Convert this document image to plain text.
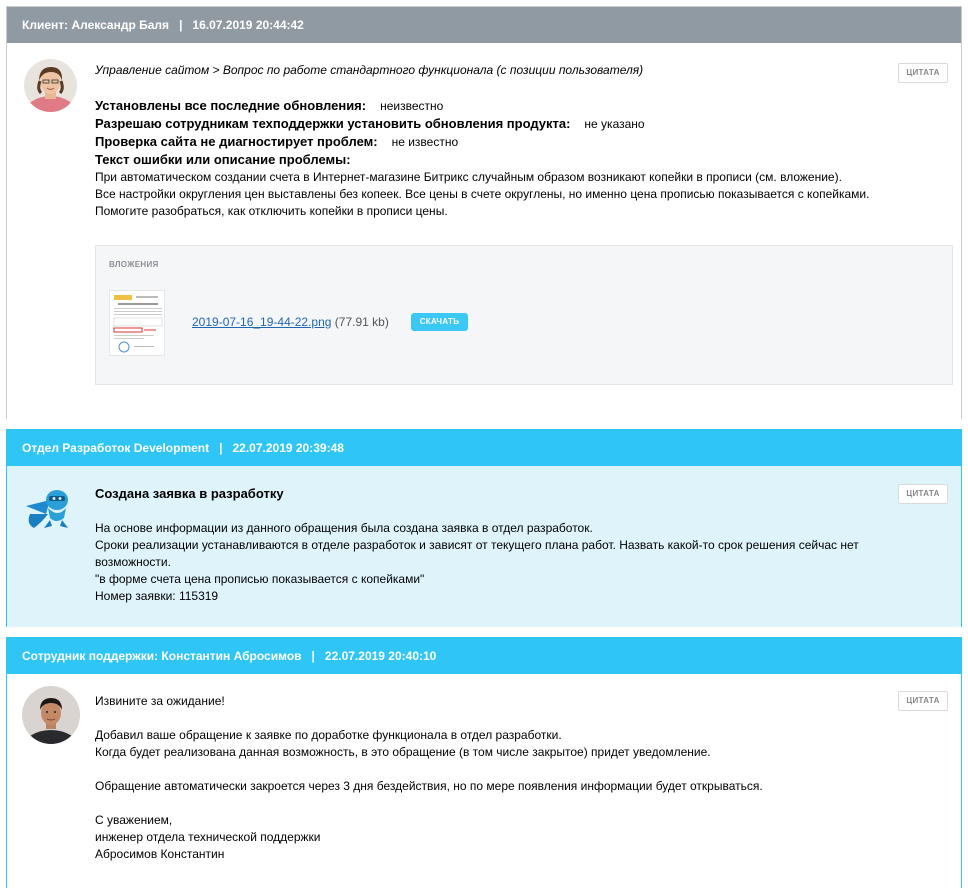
Клиент: Александр Баля | 16.07.2019 20:44:42
ЦИТАТА

Управление сайтом > Вопрос по работе стандартного функционала (с позиции пользователя)

Установлены все последние обновления: неизвестно
Разрешаю сотрудникам техподдержки установить обновления продукта: не указано
Проверка сайта не диагностирует проблем: не известно
Текст ошибки или описание проблемы:

При автоматическом создании счета в Интернет-магазине Битрикс случайным образом возникают копейки в прописи (см. вложение).

Все настройки округления цен выставлены без копеек. Все цены в счете округлены, но именно цена прописью показывается с копейками.

Помогите разобраться, как отключить копейки в прописи цены.

ВЛОЖЕНИЯ
2019-07-16_19-44-22.png (77.91 kb)	СКАЧАТЬ
Отдел Разработок Development | 22.07.2019 20:39:48
ЦИТАТА

Создана заявка в разработку

На основе информации из данного обращения была создана заявка в отдел разработок.

Сроки реализации устанавливаются в отделе разработок и зависят от текущего плана работ. Назвать какой-то срок решения сейчас нет

возможности.

"в форме счета цена прописью показывается с копейками"

Номер заявки: 115319

Сотрудник поддержки: Константин Абросимов | 22.07.2019 20:40:10
ЦИТАТА

Извините за ожидание!

Добавил ваше обращение к заявке по доработке функционала в отдел разработки.

Когда будет реализована данная возможность, в это обращение (в том числе закрытое) придет уведомление.

Обращение автоматически закроется через 3 дня бездействия, но по мере появления информации будет открываться.

С уважением,

инженер отдела технической поддержки

Абросимов Константин
